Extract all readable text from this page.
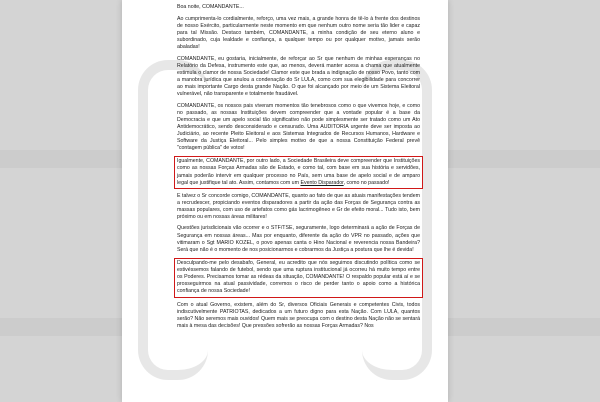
Boa noite, COMANDANTE...

Ao cumprimenta-lo cordialmente, reforço, uma vez mais, a grande honra de tê-lo à frente dos destinos de nosso Exército, particularmente neste momento em que nenhum outro nome seria tão lider e capaz para tal Missão. Destaco também, COMANDANTE, a minha condição de seu eterno aluno e subordinado, cuja lealdade e confiança, a qualquer tempo ou por qualquer motivo, jamais serão abaladas!

COMANDANTE, eu gostaria, inicialmente, de reforçar ao Sr que nenhum de minhas esperanças no Relatório da Defesa, instrumento este que, ao menos, deverá manter acesa a chama que atualmente estimula o clamor de nossa Sociedade! Clamor este que brada a indignação de nosso Povo, tanto com a manobra jurídica que anulou a condenação do Sr LULA, como com sua elegibilidade para concorrer ao mais importante Cargo desta grande Nação. O que foi alcançado por meio de um Sistema Eleitoral vulnerável, não transparente e totalmente fraudável.

COMANDANTE, os nossos pais viveram momentos tão tenebrosos como o que vivemos hoje, e como no passado, as nossas Instituições devem compreender que a vontade popular é a base da Democracia e que um apelo social tão significativo não pode simplesmente ser tratado como um Ato Antidemocrático, sendo desconsiderado e censurado. Uma AUDITORIA urgente deve ser imposta ao Judiciário, ao recente Pleito Eleitoral e aos Sistemas Integrados de Recursos Humanos, Hardware e Software da Justiça Eleitoral... Pelo simples motivo de que a nossa Constituição Federal prevê "contagem pública" de votos!

Igualmente, COMANDANTE, por outro lado, a Sociedade Brasileira deve compreender que Instituições como as nossas Forças Armadas são de Estado, e como tal, com base em sua história e servidões, jamais poderão intervir em qualquer processo no País, sem uma base de apelo social e de amparo legal que justifique tal ato. Assim, contamos com um Evento Disparador, como no passado!

E talvez o Sr concorde comigo, COMANDANTE, quanto ao fato de que as atuais manifestações tendem a recrudescer, propiciando eventos disparadores a partir da ação das Forças de Segurança contra as massas populares, com uso de artefatos como gás lacrimogêneo e Gr de efeito moral... Tudo isto, bem próximo ou em nossas áreas militares!

Questões jurisdicionais vão ocorrer e o STF/TSE, seguramente, logo determinará a ação de Forças de Segurança em nossas áreas... Mas por enquanto, diferente da ação do VPR no passado, ações que vitimaram o Sgt MARIO KOZEL, o povo apenas canta o Hino Nacional e reverencia nossa Bandeira? Será que não é o momento de nos posicionarmos e cobrarmos da Justiça a postura que lhe é devida!

Desculpando-me pelo desabafo, General, eu acredito que nós seguimos discutindo política como se estivéssemos falando de futebol, sendo que uma ruptura institucional já ocorreu há muito tempo entre os Poderes. Precisamos tomar as rédeas da situação, COMANDANTE! O respaldo popular está aí e se prosseguirmos na atual passividade, corremos o risco de perder tanto o apoio como a histórica confiança de nossa Sociedade!

Com o atual Governo, existem, além do Sr, diversos Oficiais Generais e competentes Civis, todos indiscutivelmente PATRIOTAS, dedicados a um futuro digno para esta Nação. Com LULA, quantos serão? Não seremos mais ouvidos! Quem mais se preocupa com o destino desta Nação não se sentará mais à mesa das decisões! Que pressões sofrerão as nossas Forças Armadas? Nos
